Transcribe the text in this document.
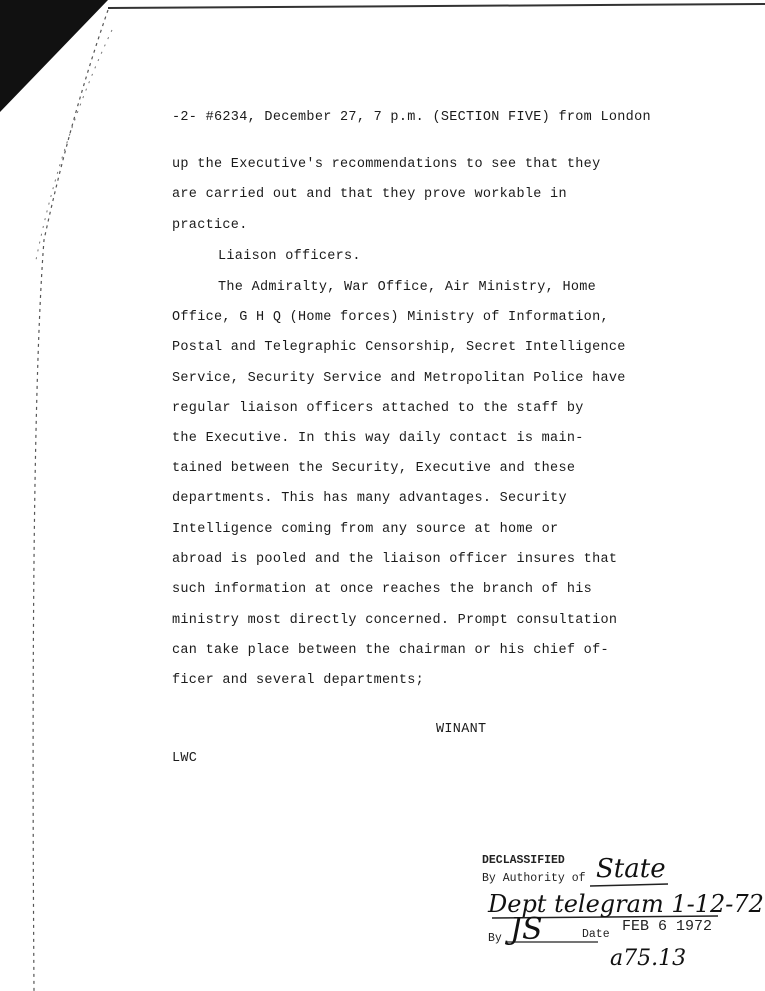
-2- #6234, December 27, 7 p.m. (SECTION FIVE) from London
up the Executive's recommendations to see that they
are carried out and that they prove workable in
practice.
Liaison officers.
The Admiralty, War Office, Air Ministry, Home
Office, G H Q (Home forces) Ministry of Information,
Postal and Telegraphic Censorship, Secret Intelligence
Service, Security Service and Metropolitan Police have
regular liaison officers attached to the staff by
the Executive. In this way daily contact is main-
tained between the Security, Executive and these
departments. This has many advantages. Security
Intelligence coming from any source at home or
abroad is pooled and the liaison officer insures that
such information at once reaches the branch of his
ministry most directly concerned. Prompt consultation
can take place between the chairman or his chief of-
ficer and several departments;
WINANT
LWC
DECLASSIFIED
By Authority of State
Dept telegram 1-12-72
By JS	Date FEB 6 1972
a75.13
